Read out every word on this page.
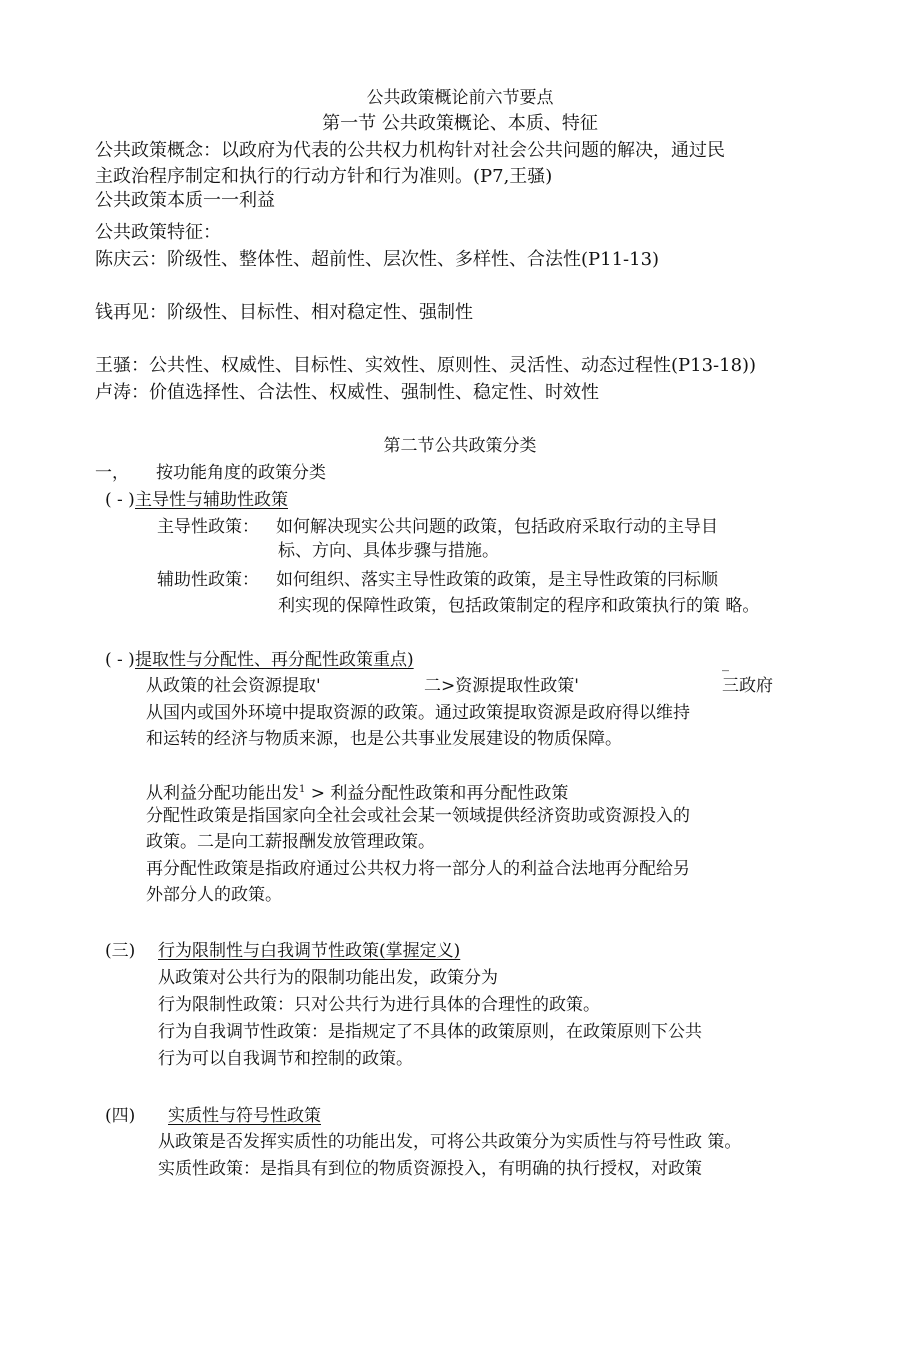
公共政策概论前六节要点
第一节 公共政策概论、本质、特征
公共政策概念：以政府为代表的公共权力机构针对社会公共问题的解决，通过民
主政治程序制定和执行的行动方针和行为准则。(P7,王骚)
公共政策本质一一利益
公共政策特征：
陈庆云：阶级性、整体性、超前性、层次性、多样性、合法性(P11-13)
钱再见：阶级性、目标性、相对稳定性、强制性
王骚：公共性、权威性、目标性、实效性、原则性、灵活性、动态过程性(P13-18))
卢涛：价值选择性、合法性、权威性、强制性、稳定性、时效性
第二节公共政策分类
一， 按功能角度的政策分类
( - ) 主导性与辅助性政策
主导性政策： 如何解决现实公共问题的政策，包括政府采取行动的主导目
标、方向、具体步骤与措施。
辅助性政策： 如何组织、落实主导性政策的政策，是主导性政策的冃标顺
利实现的保障性政策，包括政策制定的程序和政策执行的策 略。
( - ) 提取性与分配性、再分配性政策重点)	_
从政策的社会资源提取'	二>资源提取性政策'	三政府
从国内或国外环境中提取资源的政策。通过政策提取资源是政府得以维持
和运转的经济与物质来源，也是公共事业发展建设的物质保障。
从利益分配功能出发$^1$ > 利益分配性政策和再分配性政策
分配性政策是指国家向全社会或社会某一领域提供经济资助或资源投入的
政策。二是向工薪报酬发放管理政策。
再分配性政策是指政府通过公共权力将一部分人的利益合法地再分配给另
外部分人的政策。
(三) 行为限制性与白我调节性政策(掌握定义)
从政策对公共行为的限制功能出发，政策分为
行为限制性政策：只对公共行为进行具体的合理性的政策。
行为自我调节性政策：是指规定了不具体的政策原则，在政策原则下公共
行为可以自我调节和控制的政策。
(四) 实质性与符号性政策
从政策是否发挥实质性的功能出发，可将公共政策分为实质性与符号性政 策。
实质性政策：是指具有到位的物质资源投入，有明确的执行授权，对政策
